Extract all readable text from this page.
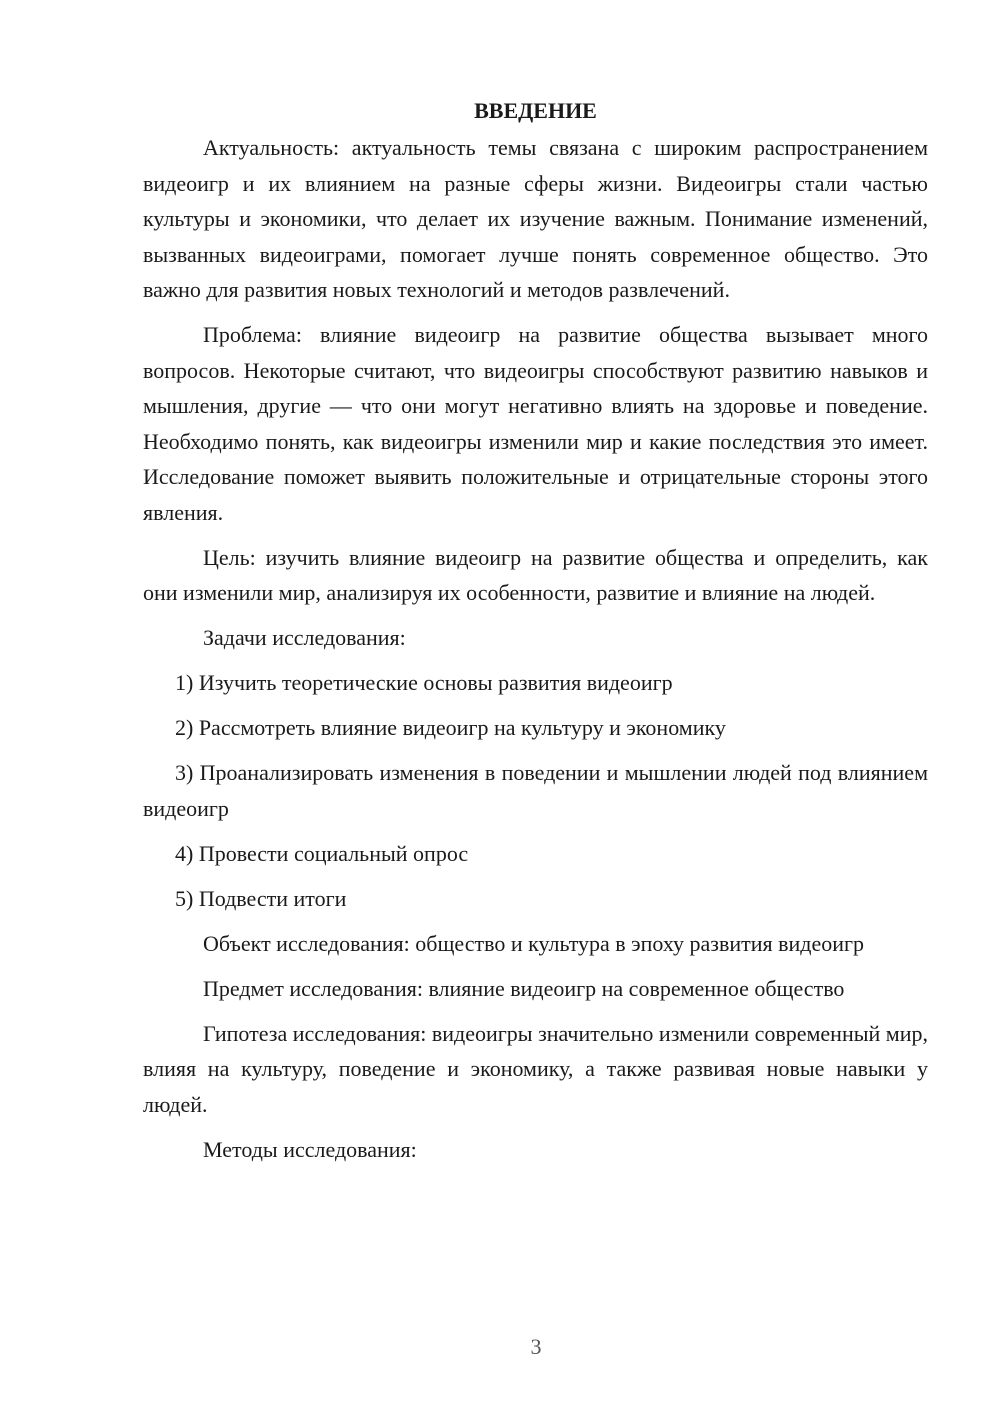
ВВЕДЕНИЕ

Актуальность: актуальность темы связана с широким распространением видеоигр и их влиянием на разные сферы жизни. Видеоигры стали частью культуры и экономики, что делает их изучение важным. Понимание изменений, вызванных видеоиграми, помогает лучше понять современное общество. Это важно для развития новых технологий и методов развлечений.

Проблема: влияние видеоигр на развитие общества вызывает много вопросов. Некоторые считают, что видеоигры способствуют развитию навыков и мышления, другие — что они могут негативно влиять на здоровье и поведение. Необходимо понять, как видеоигры изменили мир и какие последствия это имеет. Исследование поможет выявить положительные и отрицательные стороны этого явления.

Цель: изучить влияние видеоигр на развитие общества и определить, как они изменили мир, анализируя их особенности, развитие и влияние на людей.

Задачи исследования:

1) Изучить теоретические основы развития видеоигр

2) Рассмотреть влияние видеоигр на культуру и экономику

3) Проанализировать изменения в поведении и мышлении людей под влиянием видеоигр

4) Провести социальный опрос

5) Подвести итоги

Объект исследования: общество и культура в эпоху развития видеоигр

Предмет исследования: влияние видеоигр на современное общество

Гипотеза исследования: видеоигры значительно изменили современный мир, влияя на культуру, поведение и экономику, а также развивая новые навыки у людей.

Методы исследования:

3
